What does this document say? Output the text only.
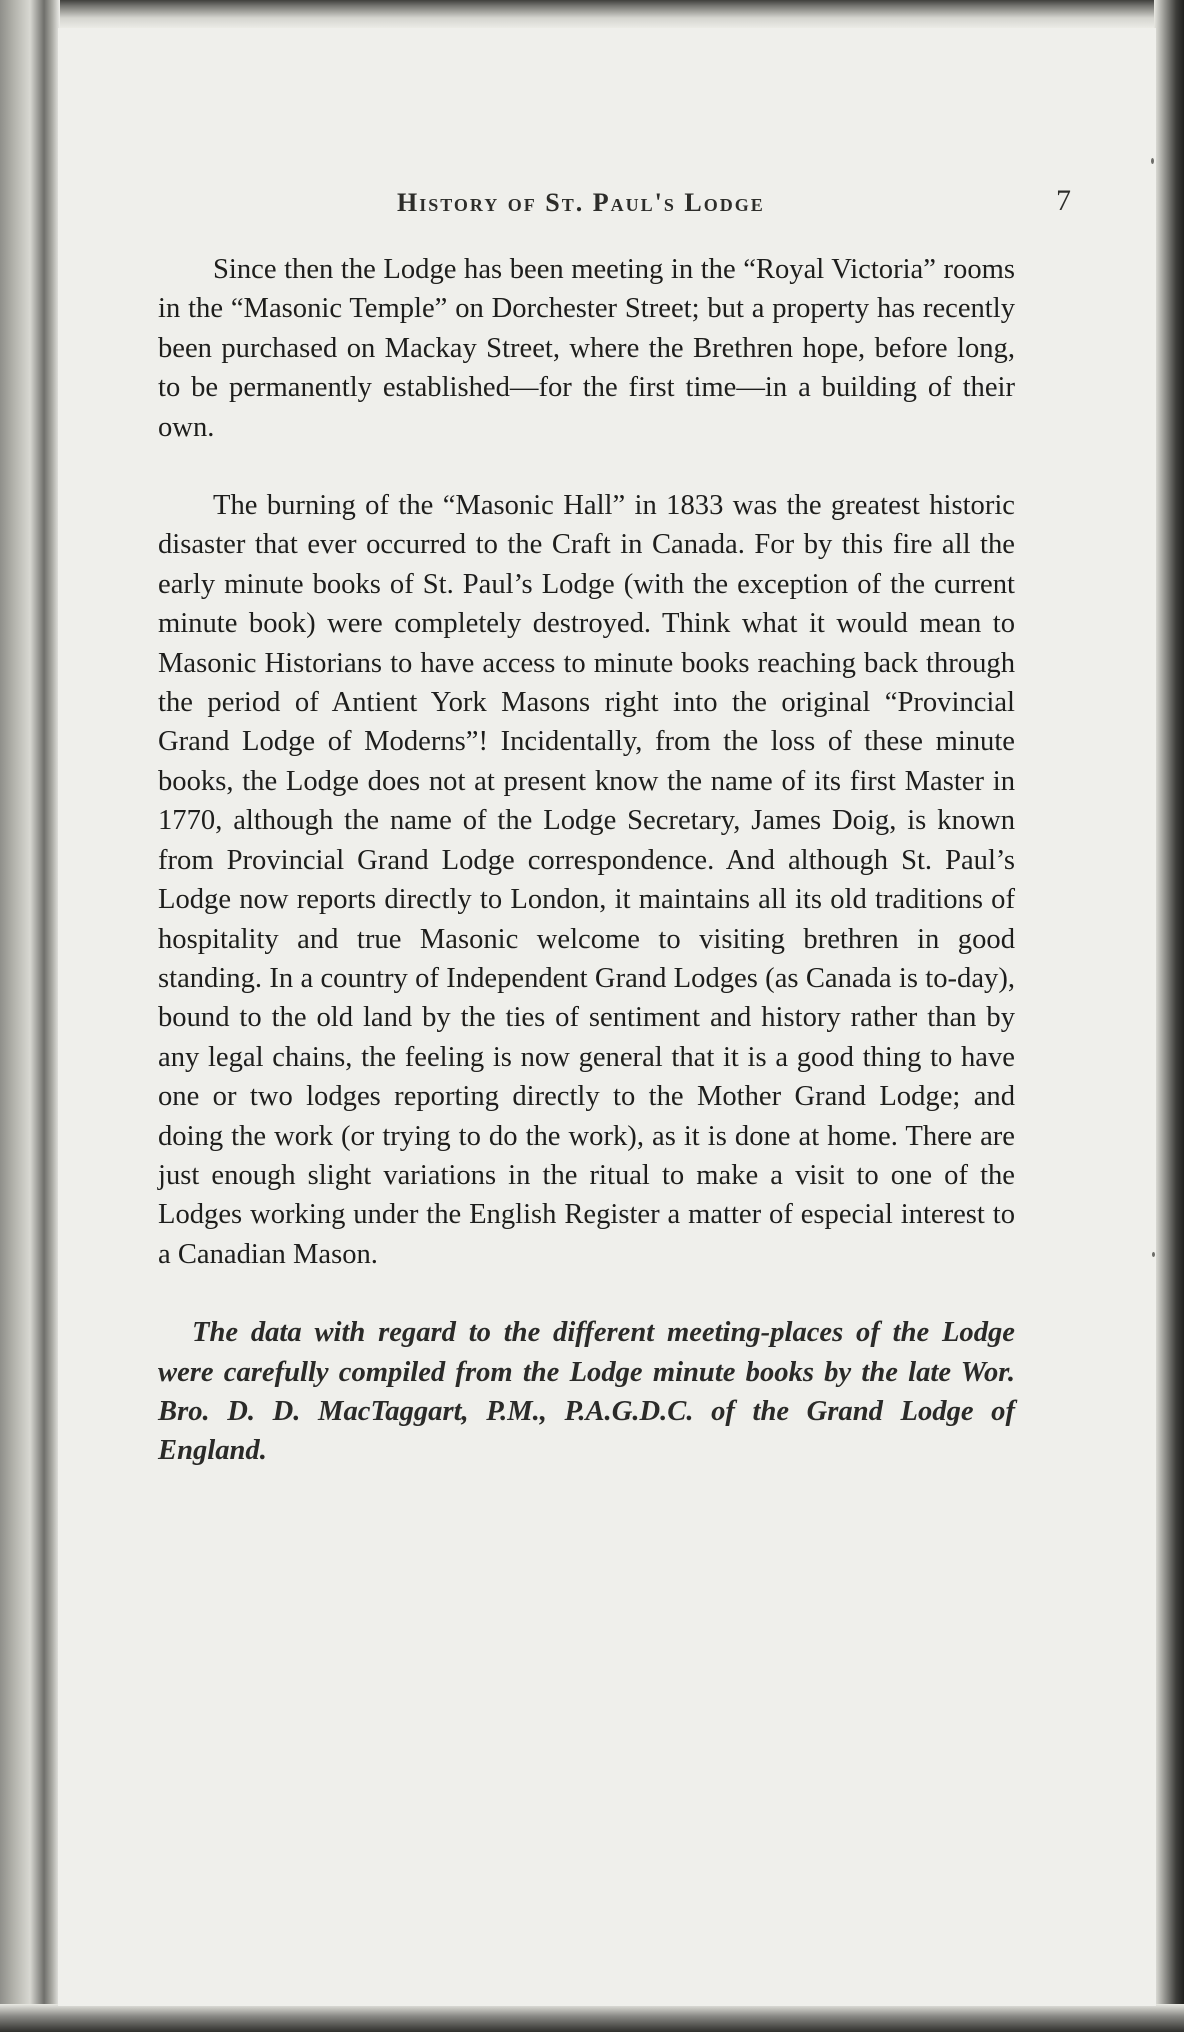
History of St. Paul's Lodge	7

Since then the Lodge has been meeting in the “Royal Victoria” rooms in the “Masonic Temple” on Dorchester Street; but a property has recently been purchased on Mackay Street, where the Brethren hope, before long, to be permanently established—for the first time—in a building of their own.

The burning of the “Masonic Hall” in 1833 was the greatest historic disaster that ever occurred to the Craft in Canada. For by this fire all the early minute books of St. Paul’s Lodge (with the exception of the current minute book) were completely destroyed. Think what it would mean to Masonic Historians to have access to minute books reaching back through the period of Antient York Masons right into the original “Provincial Grand Lodge of Moderns”! Incidentally, from the loss of these minute books, the Lodge does not at present know the name of its first Master in 1770, although the name of the Lodge Secretary, James Doig, is known from Provincial Grand Lodge correspondence. And although St. Paul’s Lodge now reports directly to London, it maintains all its old traditions of hospitality and true Masonic welcome to visiting brethren in good standing. In a country of Independent Grand Lodges (as Canada is to-day), bound to the old land by the ties of sentiment and history rather than by any legal chains, the feeling is now general that it is a good thing to have one or two lodges reporting directly to the Mother Grand Lodge; and doing the work (or trying to do the work), as it is done at home. There are just enough slight variations in the ritual to make a visit to one of the Lodges working under the English Register a matter of especial interest to a Canadian Mason.

The data with regard to the different meeting-places of the Lodge were carefully compiled from the Lodge minute books by the late Wor. Bro. D. D. MacTaggart, P.M., P.A.G.D.C. of the Grand Lodge of England.
